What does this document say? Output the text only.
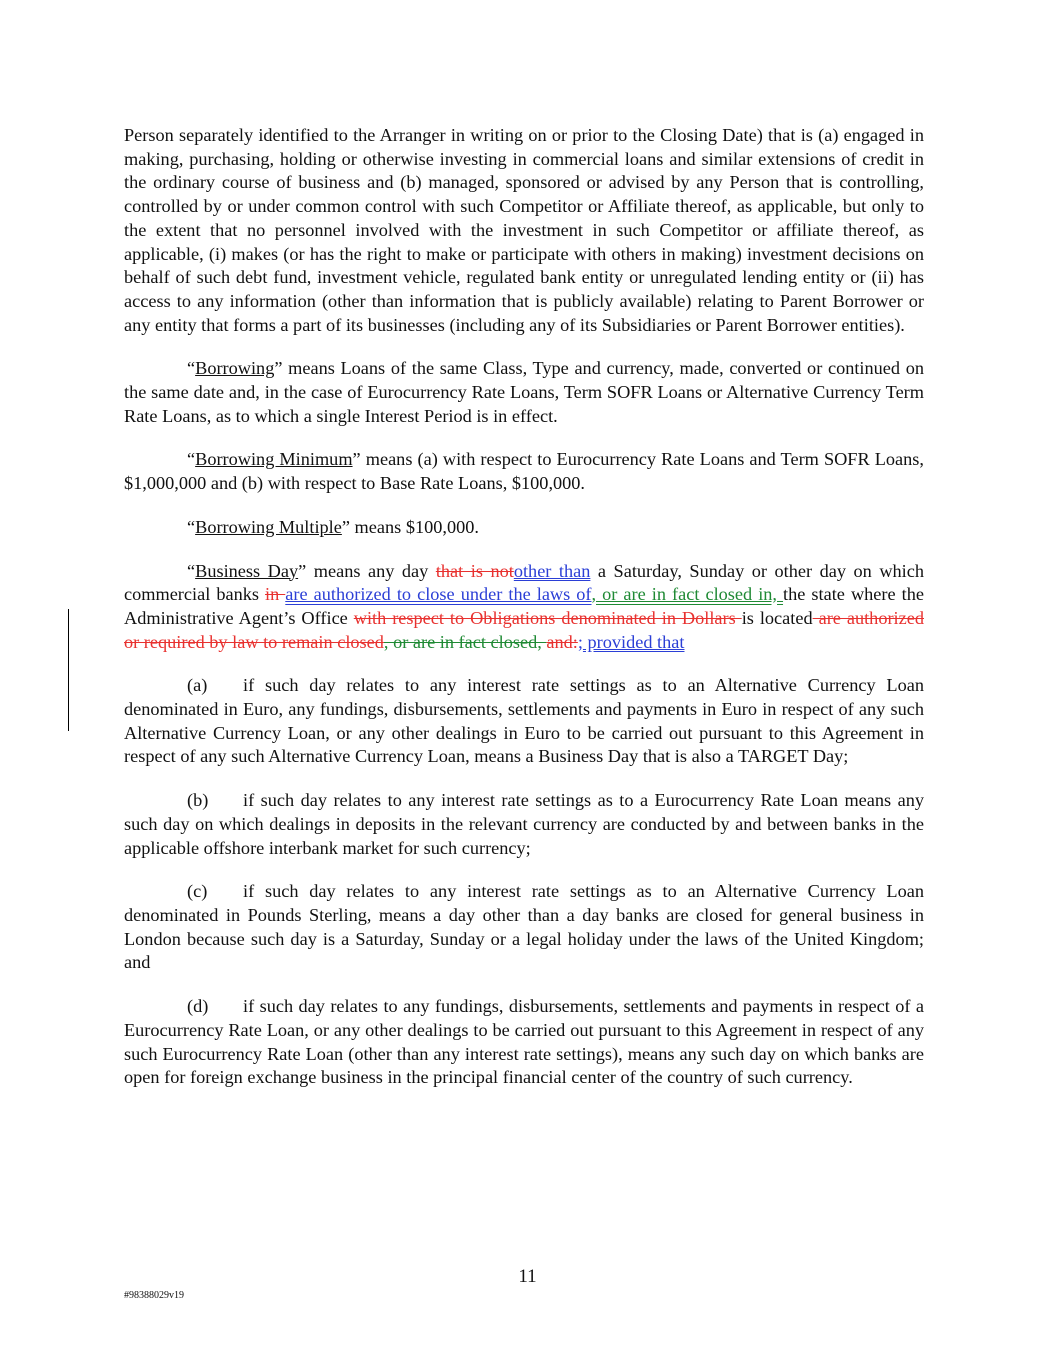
Person separately identified to the Arranger in writing on or prior to the Closing Date) that is (a) engaged in making, purchasing, holding or otherwise investing in commercial loans and similar extensions of credit in the ordinary course of business and (b) managed, sponsored or advised by any Person that is controlling, controlled by or under common control with such Competitor or Affiliate thereof, as applicable, but only to the extent that no personnel involved with the investment in such Competitor or affiliate thereof, as applicable, (i) makes (or has the right to make or participate with others in making) investment decisions on behalf of such debt fund, investment vehicle, regulated bank entity or unregulated lending entity or (ii) has access to any information (other than information that is publicly available) relating to Parent Borrower or any entity that forms a part of its businesses (including any of its Subsidiaries or Parent Borrower entities).

“Borrowing” means Loans of the same Class, Type and currency, made, converted or continued on the same date and, in the case of Eurocurrency Rate Loans, Term SOFR Loans or Alternative Currency Term Rate Loans, as to which a single Interest Period is in effect.

“Borrowing Minimum” means (a) with respect to Eurocurrency Rate Loans and Term SOFR Loans, $1,000,000 and (b) with respect to Base Rate Loans, $100,000.

“Borrowing Multiple” means $100,000.

“Business Day” means any day that is notother than a Saturday, Sunday or other day on which commercial banks in are authorized to close under the laws of, or are in fact closed in, the state where the Administrative Agent’s Office with respect to Obligations denominated in Dollars is located are authorized or required by law to remain closed, or are in fact closed, and:; provided that

(a) if such day relates to any interest rate settings as to an Alternative Currency Loan denominated in Euro, any fundings, disbursements, settlements and payments in Euro in respect of any such Alternative Currency Loan, or any other dealings in Euro to be carried out pursuant to this Agreement in respect of any such Alternative Currency Loan, means a Business Day that is also a TARGET Day;

(b) if such day relates to any interest rate settings as to a Eurocurrency Rate Loan means any such day on which dealings in deposits in the relevant currency are conducted by and between banks in the applicable offshore interbank market for such currency;

(c) if such day relates to any interest rate settings as to an Alternative Currency Loan denominated in Pounds Sterling, means a day other than a day banks are closed for general business in London because such day is a Saturday, Sunday or a legal holiday under the laws of the United Kingdom; and

(d) if such day relates to any fundings, disbursements, settlements and payments in respect of a Eurocurrency Rate Loan, or any other dealings to be carried out pursuant to this Agreement in respect of any such Eurocurrency Rate Loan (other than any interest rate settings), means any such day on which banks are open for foreign exchange business in the principal financial center of the country of such currency.

11
#98388029v19
